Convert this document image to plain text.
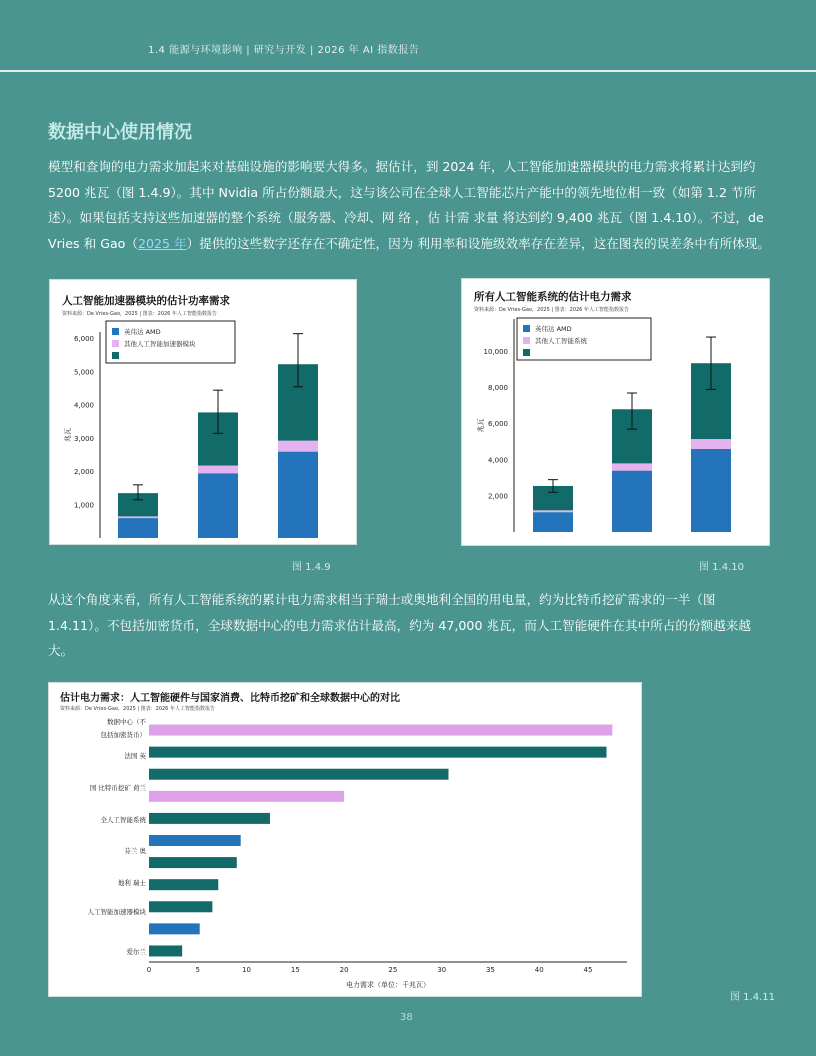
1.4 能源与环境影响 | 研究与开发 | 2026 年 AI 指数报告
数据中心使用情况
模型和查询的电力需求加起来对基础设施的影响要大得多。据估计，到 2024 年，人工智能加速器模块的电力需求将累计达到约 5200 兆瓦（图 1.4.9）。其中 Nvidia 所占份额最大，这与该公司在全球人工智能芯片产能中的领先地位相一致（如第 1.2 节所述）。如果包括支持这些加速器的整个系统（服务器、冷却、网 络 ，估 计需 求量 将达到约 9,400 兆瓦（图 1.4.10）。不过，de Vries 和 Gao（2025 年）提供的这些数字还存在不确定性，因为 利用率和设施级效率存在差异，这在图表的误差条中有所体现。
人工智能加速器模块的估计功率需求
资料来源：De Vries-Gao，2025 | 图表：2026 年人工智能指数报告
1,000
2,000
3,000
4,000
5,000
6,000
兆瓦
英伟达 AMD
其他人工智能加速器模块
图 1.4.9
所有人工智能系统的估计电力需求
资料来源：De Vries-Gao，2025 | 图表：2026 年人工智能指数报告
2,000
4,000
6,000
8,000
10,000
兆瓦
英伟达 AMD
其他人工智能系统
图 1.4.10
从这个角度来看，所有人工智能系统的累计电力需求相当于瑞士或奥地利全国的用电量，约为比特币挖矿需求的一半（图1.4.11）。不包括加密货币，全球数据中心的电力需求估计最高，约为 47,000 兆瓦，而人工智能硬件在其中所占的份额越来越大。
估计电力需求：人工智能硬件与国家消费、比特币挖矿和全球数据中心的对比
资料来源：De Vries-Gao，2025 | 图表：2026 年人工智能指数报告
0	5	10	15	20	25	30	35	40	45
电力需求（单位：千兆瓦）
数据中心（不
包括加密货币）
法国 英
国 比特币挖矿 荷兰
全人工智能系统
芬兰 奥
地利 瑞士
人工智能加速器模块
爱尔兰
图 1.4.11
38
